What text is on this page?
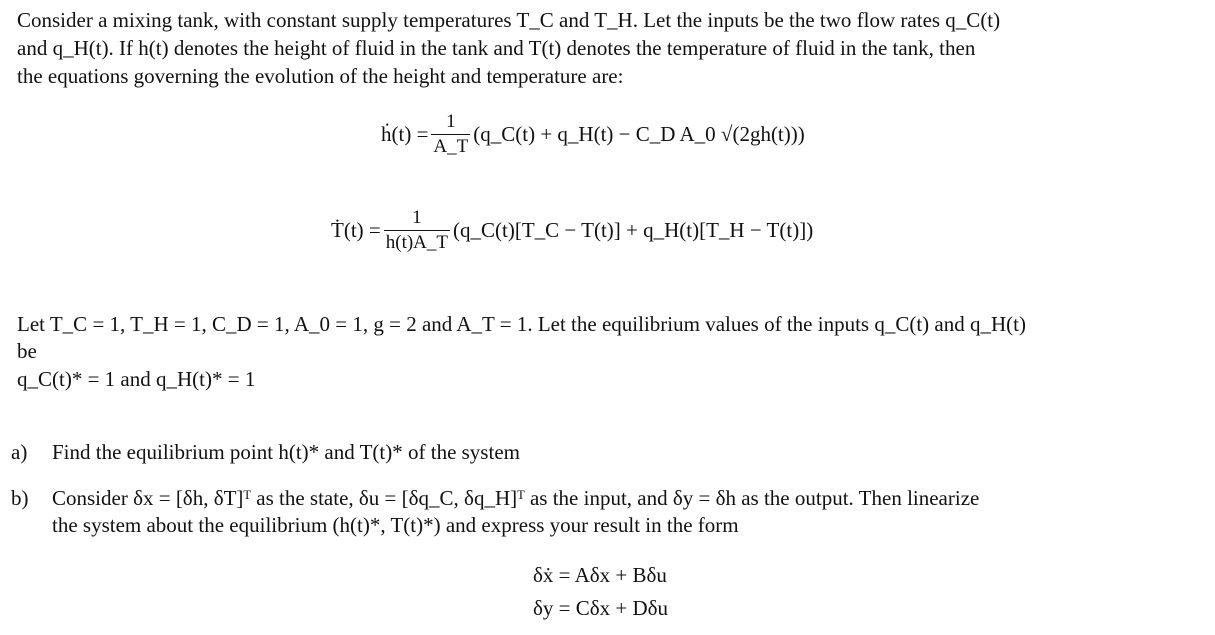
Consider a mixing tank, with constant supply temperatures T_C and T_H. Let the inputs be the two flow rates q_C(t)
and q_H(t). If h(t) denotes the height of fluid in the tank and T(t) denotes the temperature of fluid in the tank, then
the equations governing the evolution of the height and temperature are:
ḣ(t) = $\frac{1}{A\_T}$ (q_C(t) + q_H(t) − C_D A_0 √(2gh(t)))
Ṫ(t) = $\frac{1}{h(t)A\_T}$ (q_C(t)[T_C − T(t)] + q_H(t)[T_H − T(t)])
Let T_C = 1, T_H = 1, C_D = 1, A_0 = 1, g = 2 and A_T = 1. Let the equilibrium values of the inputs q_C(t) and q_H(t)
be
q_C(t)* = 1 and q_H(t)* = 1
a) Find the equilibrium point h(t)* and T(t)* of the system
b) Consider δx = [δh, δT]ᵀ as the state, δu = [δq_C, δq_H]ᵀ as the input, and δy = δh as the output. Then linearize
the system about the equilibrium (h(t)*, T(t)*) and express your result in the form
δẋ = Aδx + Bδu
δy = Cδx + Dδu
